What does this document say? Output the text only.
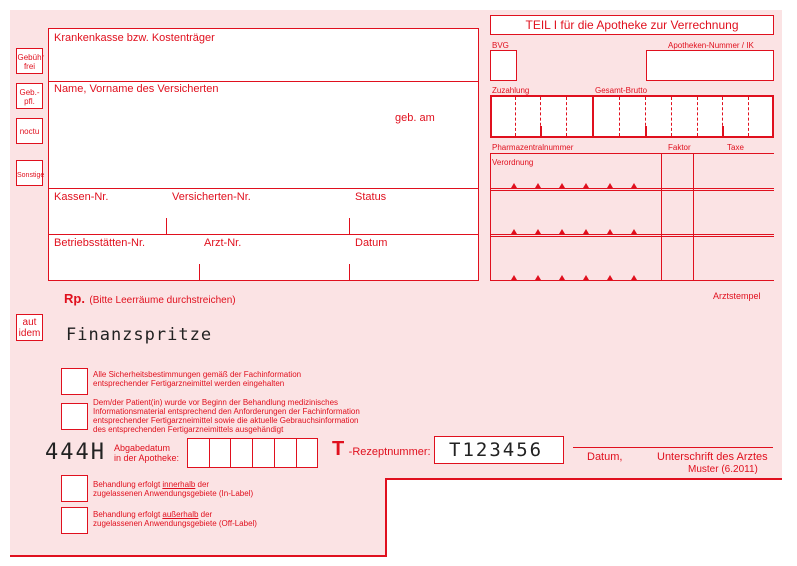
Gebühr frei
Geb.-pfl.
noctu
Sonstige
Krankenkasse bzw. Kostenträger
Name, Vorname des Versicherten
geb. am
Kassen-Nr.	Versicherten-Nr.	Status
Betriebsstätten-Nr.	Arzt-Nr.	Datum
TEIL I für die Apotheke zur Verrechnung
BVG	Apotheken-Nummer / IK
Zuzahlung	Gesamt-Brutto
Pharmazentralnummer	Faktor	Taxe
Verordnung
Arztstempel
Rp. (Bitte Leerräume durchstreichen)
aut idem Finanzspritze
Alle Sicherheitsbestimmungen gemäß der Fachinformation
entsprechender Fertigarzneimittel werden eingehalten
Dem/der Patient(in) wurde vor Beginn der Behandlung medizinisches
Informationsmaterial entsprechend den Anforderungen der Fachinformation
entsprechender Fertigarzneimittel sowie die aktuelle Gebrauchsinformation
des entsprechenden Fertigarzneimittels ausgehändigt
444H Abgabedatum
in der Apotheke:	T -Rezeptnummer: T123456	Datum,	Unterschrift des Arztes
Muster (6.2011)
Behandlung erfolgt innerhalb der
zugelassenen Anwendungsgebiete (In-Label)
Behandlung erfolgt außerhalb der
zugelassenen Anwendungsgebiete (Off-Label)
